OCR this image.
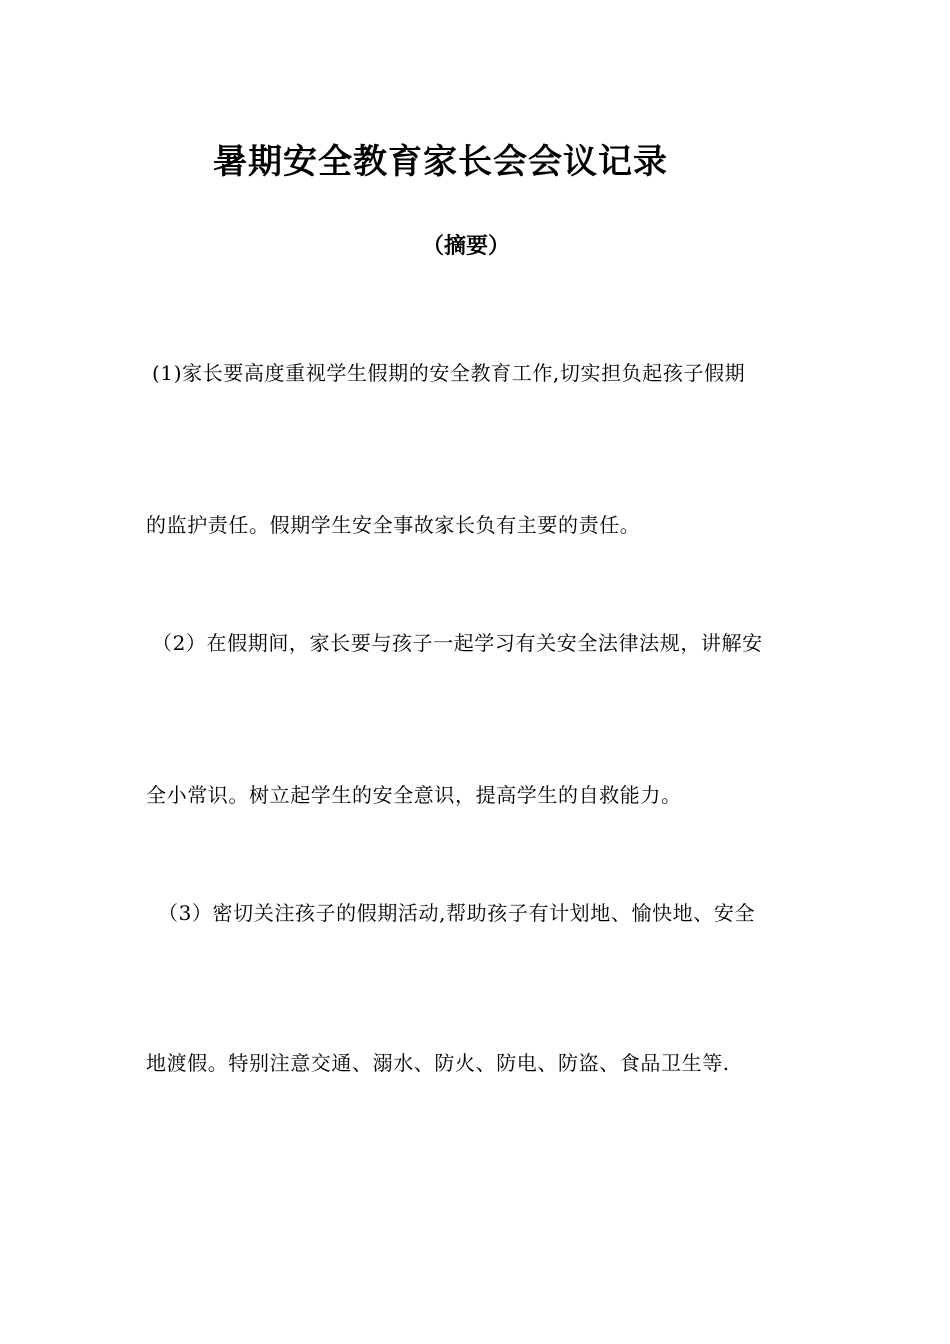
暑期安全教育家长会会议记录
（摘要）
(1)家长要高度重视学生假期的安全教育工作,切实担负起孩子假期
的监护责任。假期学生安全事故家长负有主要的责任。
（2）在假期间，家长要与孩子一起学习有关安全法律法规，讲解安
全小常识。树立起学生的安全意识，提高学生的自救能力。
（3）密切关注孩子的假期活动,帮助孩子有计划地、愉快地、安全
地渡假。特别注意交通、溺水、防火、防电、防盗、食品卫生等.
